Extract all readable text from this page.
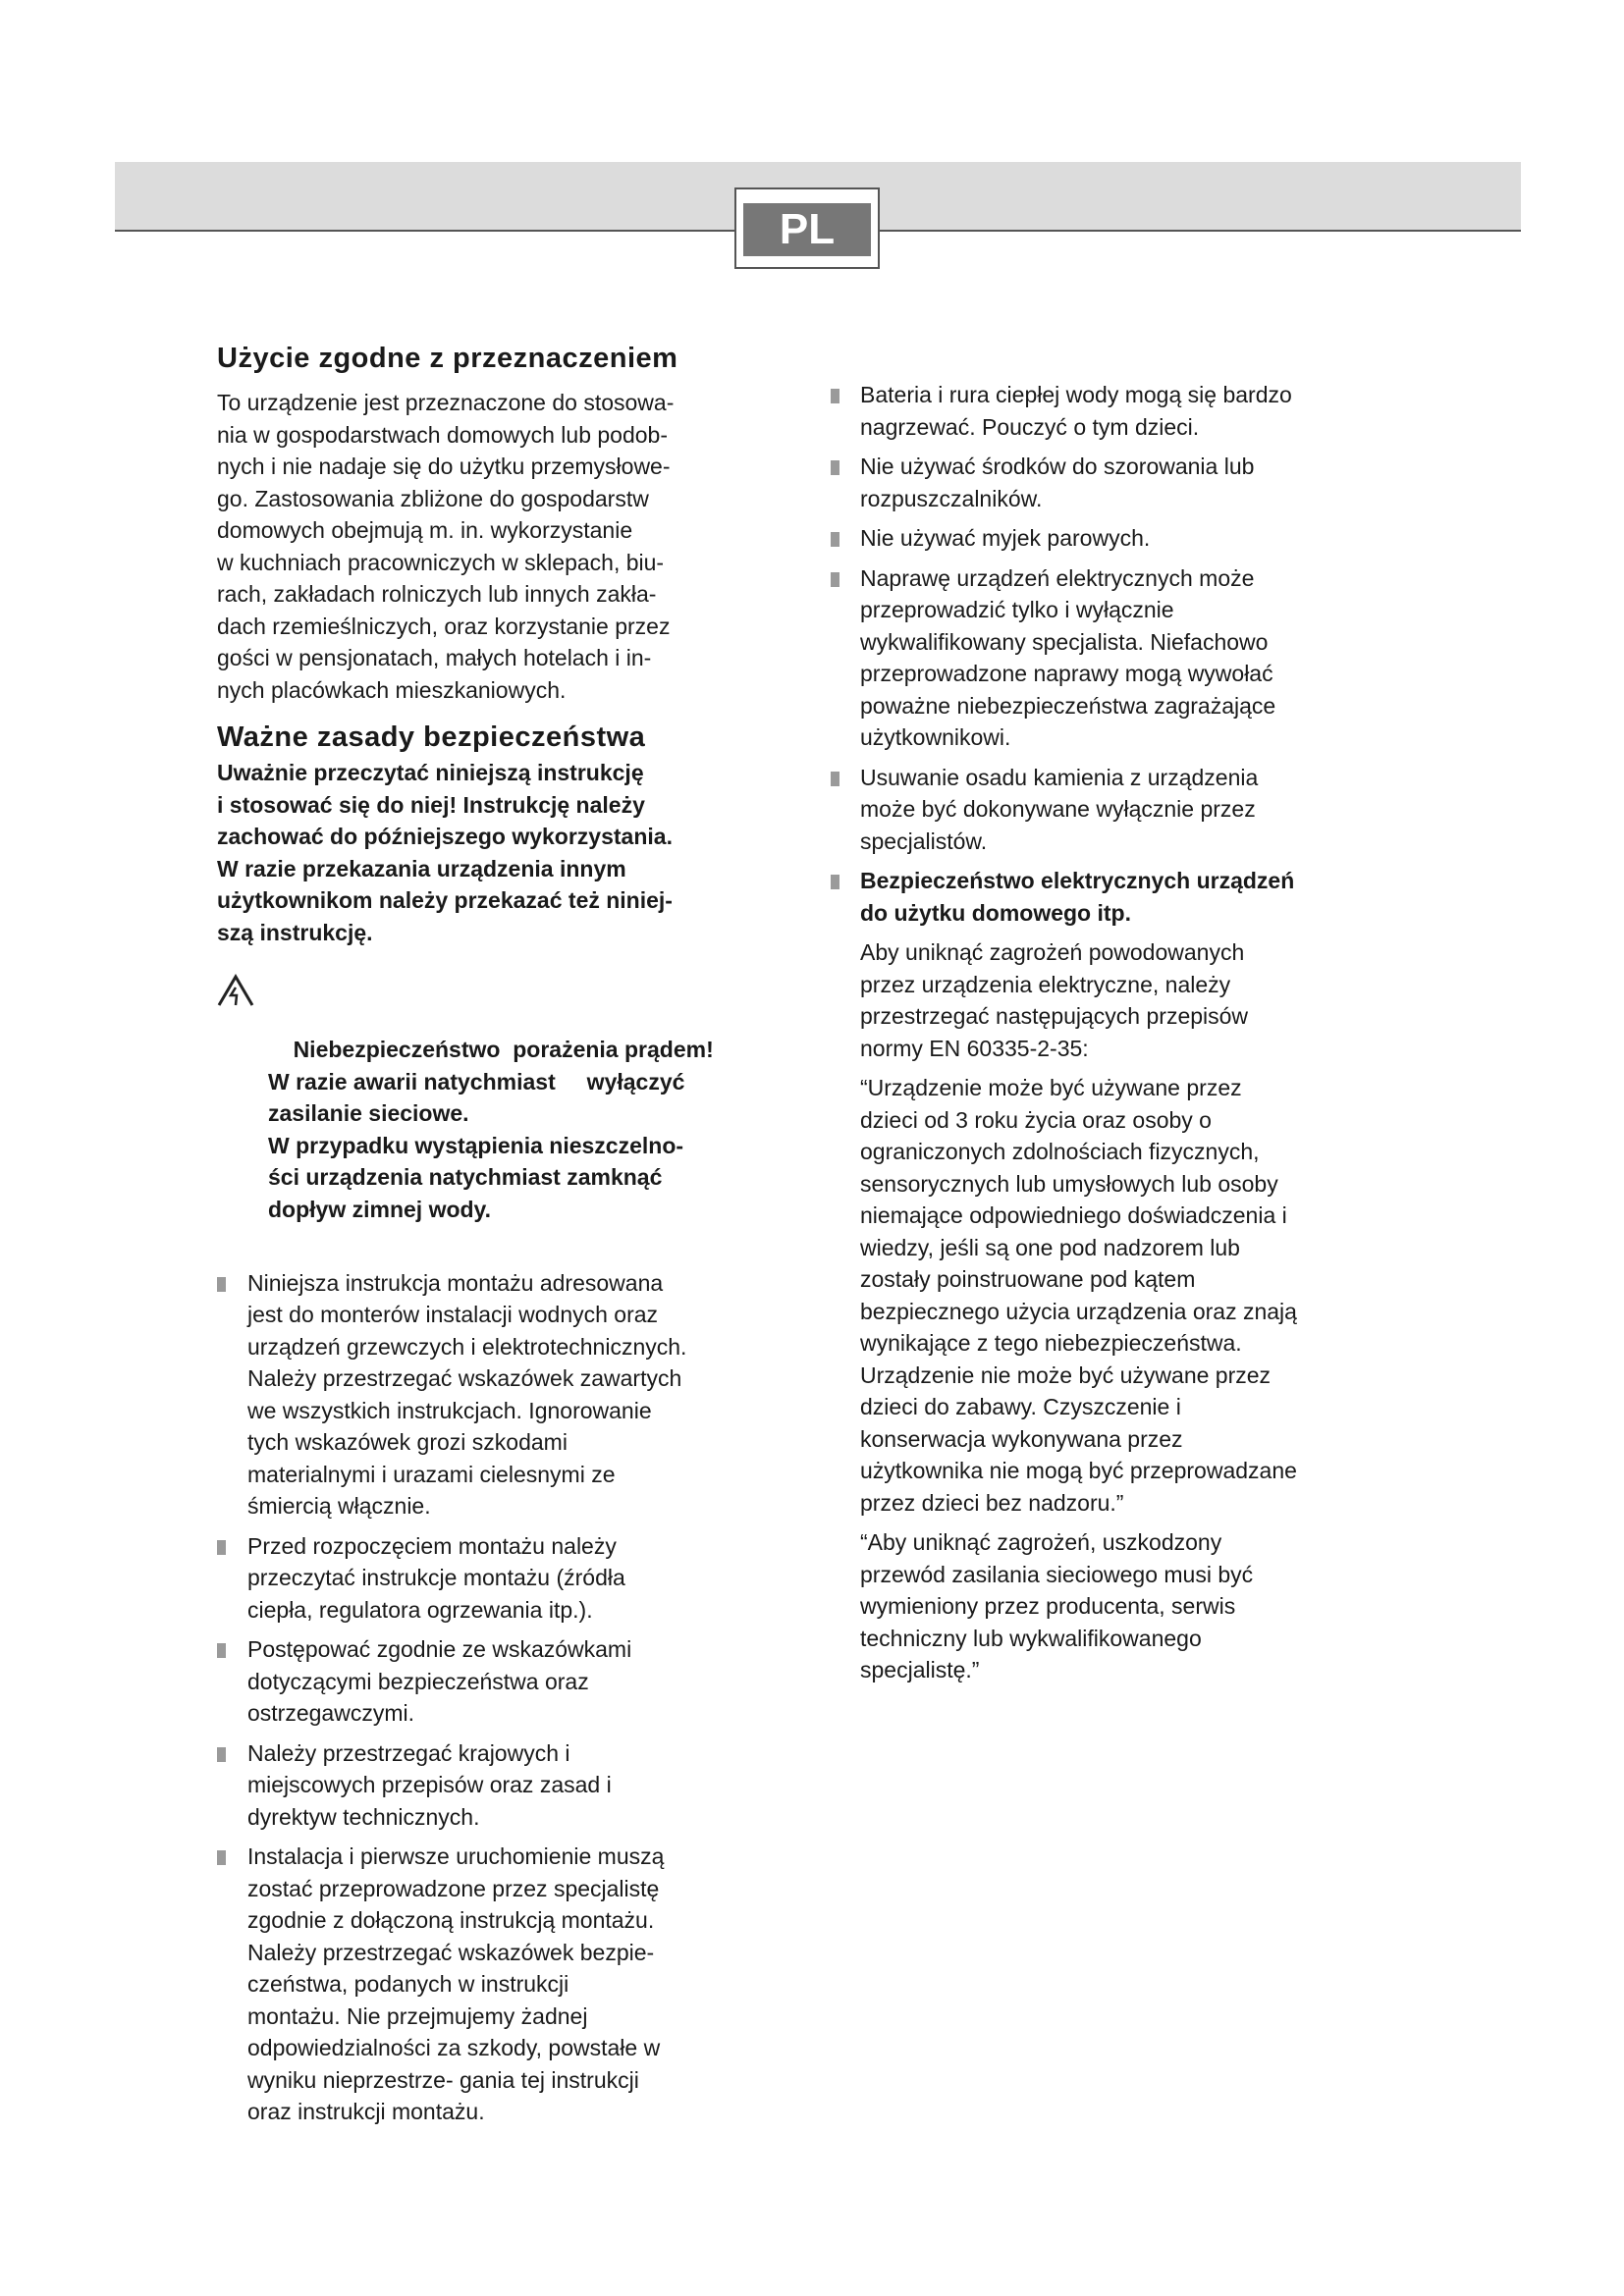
PL
Użycie zgodne z przeznaczeniem
To urządzenie jest przeznaczone do stosowa-
nia w gospodarstwach domowych lub podob-
nych i nie nadaje się do użytku przemysłowe-
go. Zastosowania zbliżone do gospodarstw
domowych obejmują m. in. wykorzystanie
w kuchniach pracowniczych w sklepach, biu-
rach, zakładach rolniczych lub innych zakła-
dach rzemieślniczych, oraz korzystanie przez
gości w pensjonatach, małych hotelach i in-
nych placówkach mieszkaniowych.
Ważne zasady bezpieczeństwa
Uważnie przeczytać niniejszą instrukcję
i stosować się do niej! Instrukcję należy
zachować do późniejszego wykorzystania.
W razie przekazania urządzenia innym
użytkownikom należy przekazać też niniej-
szą instrukcję.

Niebezpieczeństwo  porażenia prądem!
W razie awarii natychmiast     wyłączyć
zasilanie sieciowe.
W przypadku wystąpienia nieszczelno-
ści urządzenia natychmiast zamknąć
dopływ zimnej wody.

Niniejsza instrukcja montażu adresowana
jest do monterów instalacji wodnych oraz
urządzeń grzewczych i elektrotechnicznych.
Należy przestrzegać wskazówek zawartych
we wszystkich instrukcjach. Ignorowanie
tych wskazówek grozi szkodami
materialnymi i urazami cielesnymi ze
śmiercią włącznie.
Przed rozpoczęciem montażu należy
przeczytać instrukcje montażu (źródła
ciepła, regulatora ogrzewania itp.).
Postępować zgodnie ze wskazówkami
dotyczącymi bezpieczeństwa oraz
ostrzegawczymi.
Należy przestrzegać krajowych i
miejscowych przepisów oraz zasad i
dyrektyw technicznych.
Instalacja i pierwsze uruchomienie muszą
zostać przeprowadzone przez specjalistę
zgodnie z dołączoną instrukcją montażu.
Należy przestrzegać wskazówek bezpie-
czeństwa, podanych w instrukcji
montażu. Nie przejmujemy żadnej
odpowiedzialności za szkody, powstałe w
wyniku nieprzestrze- gania tej instrukcji
oraz instrukcji montażu.
Bateria i rura ciepłej wody mogą się bardzo
nagrzewać. Pouczyć o tym dzieci.
Nie używać środków do szorowania lub
rozpuszczalników.
Nie używać myjek parowych.
Naprawę urządzeń elektrycznych może
przeprowadzić tylko i wyłącznie
wykwalifikowany specjalista. Niefachowo
przeprowadzone naprawy mogą wywołać
poważne niebezpieczeństwa zagrażające
użytkownikowi.
Usuwanie osadu kamienia z urządzenia
może być dokonywane wyłącznie przez
specjalistów.
Bezpieczeństwo elektrycznych urządzeń
do użytku domowego itp.
Aby uniknąć zagrożeń powodowanych
przez urządzenia elektryczne, należy
przestrzegać następujących przepisów
normy EN 60335-2-35:
“Urządzenie może być używane przez
dzieci od 3 roku życia oraz osoby o
ograniczonych zdolnościach fizycznych,
sensorycznych lub umysłowych lub osoby
niemające odpowiedniego doświadczenia i
wiedzy, jeśli są one pod nadzorem lub
zostały poinstruowane pod kątem
bezpiecznego użycia urządzenia oraz znają
wynikające z tego niebezpieczeństwa.
Urządzenie nie może być używane przez
dzieci do zabawy. Czyszczenie i
konserwacja wykonywana przez
użytkownika nie mogą być przeprowadzane
przez dzieci bez nadzoru.”
“Aby uniknąć zagrożeń, uszkodzony
przewód zasilania sieciowego musi być
wymieniony przez producenta, serwis
techniczny lub wykwalifikowanego
specjalistę.”
